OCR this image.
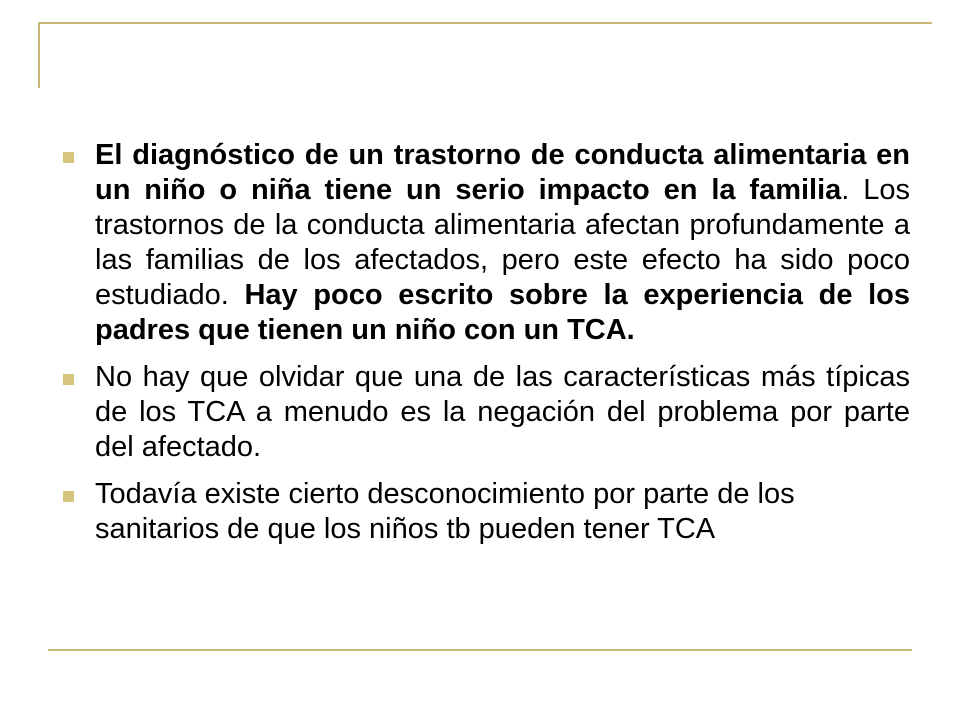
El diagnóstico de un trastorno de conducta alimentaria en un niño o niña tiene un serio impacto en la familia. Los trastornos de la conducta alimentaria afectan profundamente a las familias de los afectados, pero este efecto ha sido poco estudiado. Hay poco escrito sobre la experiencia de los padres que tienen un niño con un TCA.
No hay que olvidar que una de las características más típicas de los TCA a menudo es la negación del problema por parte del afectado.
Todavía existe cierto desconocimiento por parte de los sanitarios de que los niños tb pueden tener TCA
